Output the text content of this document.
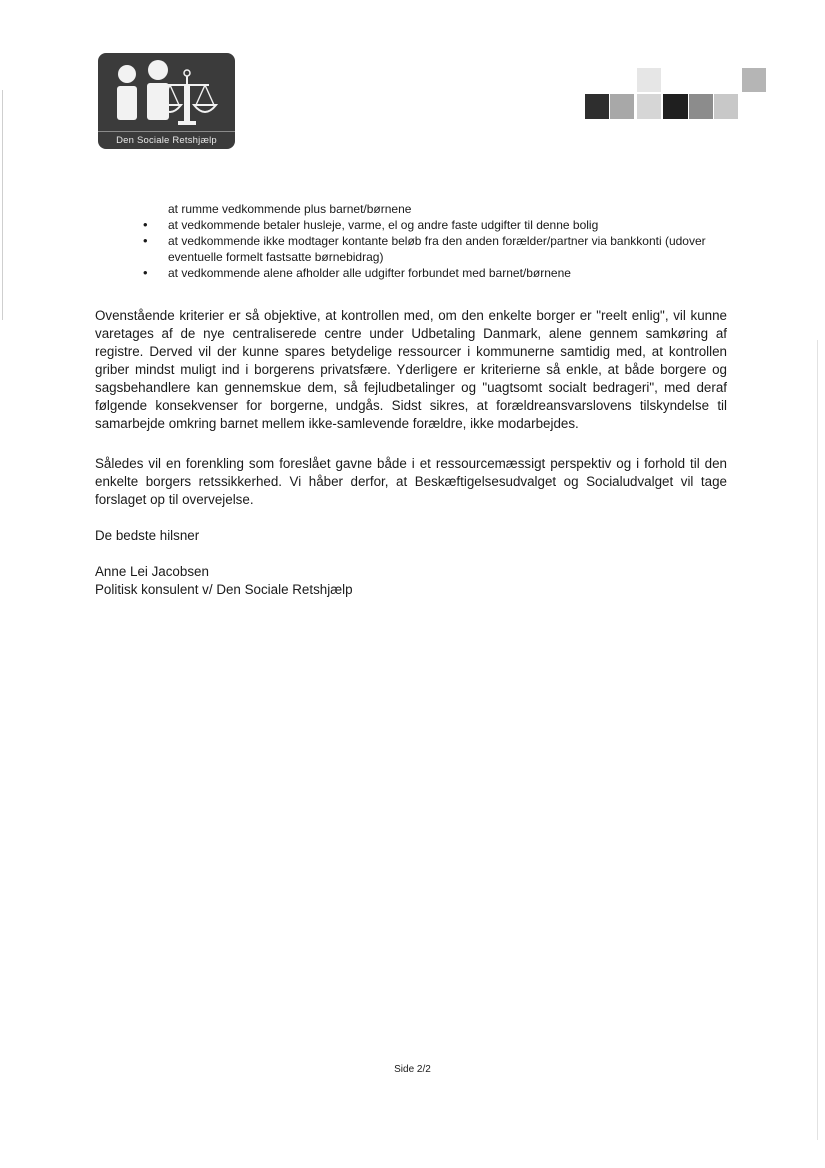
Den Sociale Retshjælp
at rumme vedkommende plus barnet/børnene
• at vedkommende betaler husleje, varme, el og andre faste udgifter til denne bolig
• at vedkommende ikke modtager kontante beløb fra den anden forælder/partner via bankkonti (udover eventuelle formelt fastsatte børnebidrag)
• at vedkommende alene afholder alle udgifter forbundet med barnet/børnene
Ovenstående kriterier er så objektive, at kontrollen med, om den enkelte borger er "reelt enlig", vil kunne varetages af de nye centraliserede centre under Udbetaling Danmark, alene gennem samkøring af registre. Derved vil der kunne spares betydelige ressourcer i kommunerne samtidig med, at kontrollen griber mindst muligt ind i borgerens privatsfære. Yderligere er kriterierne så enkle, at både borgere og sagsbehandlere kan gennemskue dem, så fejludbetalinger og "uagtsomt socialt bedrageri", med deraf følgende konsekvenser for borgerne, undgås. Sidst sikres, at forældreansvarslovens tilskyndelse til samarbejde omkring barnet mellem ikke-samlevende forældre, ikke modarbejdes.
Således vil en forenkling som foreslået gavne både i et ressourcemæssigt perspektiv og i forhold til den enkelte borgers retssikkerhed. Vi håber derfor, at Beskæftigelsesudvalget og Socialudvalget vil tage forslaget op til overvejelse.
De bedste hilsner
Anne Lei Jacobsen
Politisk konsulent v/ Den Sociale Retshjælp
Side 2/2
